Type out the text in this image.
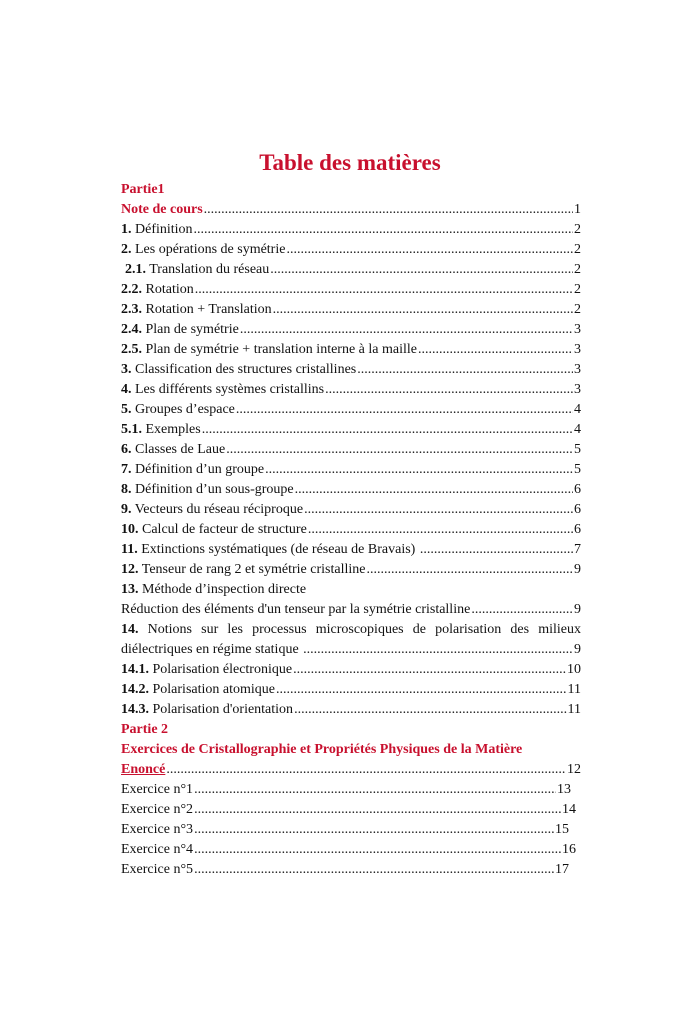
Table des matières
Partie1
Note de cours .....	1
1. Définition .....	2
2. Les opérations de symétrie .....	2
2.1. Translation du réseau .....	2
2.2. Rotation .....	2
2.3. Rotation + Translation .....	2
2.4. Plan de symétrie .....	3
2.5. Plan de symétrie + translation interne à la maille .....	3
3. Classification des structures cristallines .....	3
4. Les différents systèmes cristallins .....	3
5. Groupes d’espace .....	4
5.1. Exemples .....	4
6. Classes de Laue .....	5
7. Définition d’un groupe .....	5
8. Définition d’un sous-groupe .....	6
9. Vecteurs du réseau réciproque .....	6
10. Calcul de facteur de structure .....	6
11. Extinctions systématiques (de réseau de Bravais) .....	7
12. Tenseur de rang 2 et symétrie cristalline .....	9
13. Méthode d’inspection directe
Réduction des éléments d'un tenseur par la symétrie cristalline .....	9
14. Notions sur les processus microscopiques de polarisation des milieux
diélectriques en régime statique .....	9
14.1. Polarisation électronique .....	10
14.2. Polarisation atomique .....	11
14.3. Polarisation d'orientation .....	11
Partie 2
Exercices de Cristallographie et Propriétés Physiques de la Matière
Enoncé .....	12
Exercice n°1 .....	13
Exercice n°2 .....	14
Exercice n°3 .....	15
Exercice n°4 .....	16
Exercice n°5 .....	17
